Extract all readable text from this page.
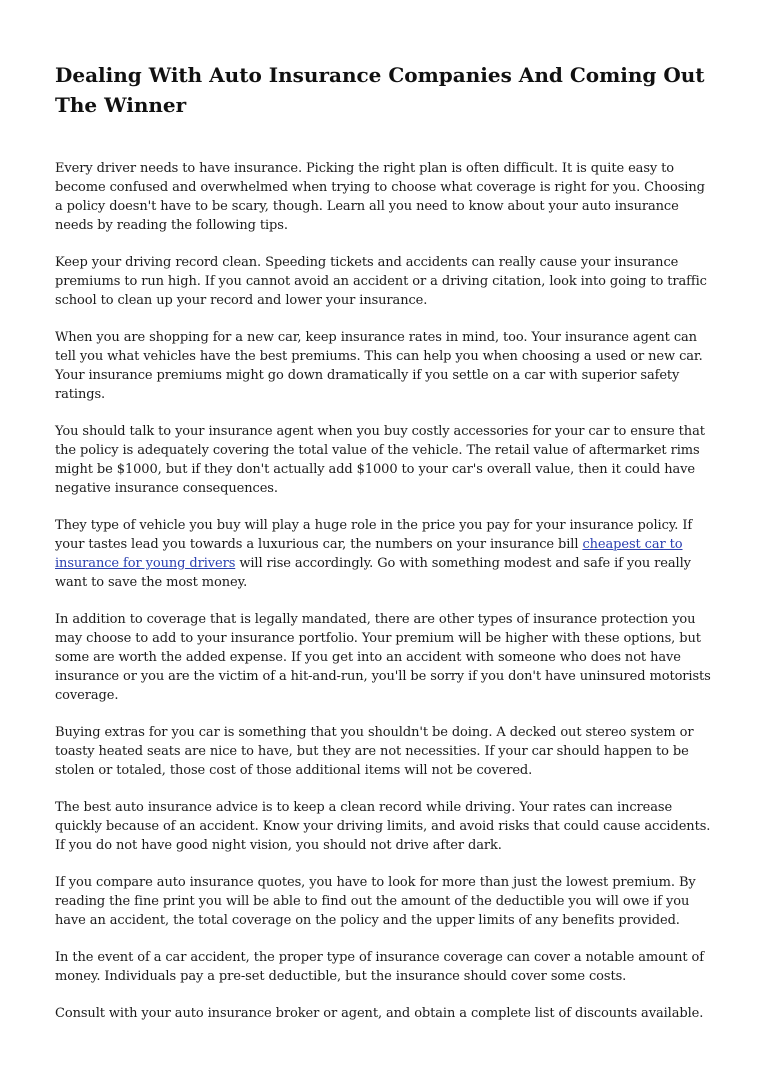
Dealing With Auto Insurance Companies And Coming Out The Winner

Every driver needs to have insurance. Picking the right plan is often difficult. It is quite easy to become confused and overwhelmed when trying to choose what coverage is right for you. Choosing a policy doesn't have to be scary, though. Learn all you need to know about your auto insurance needs by reading the following tips.

Keep your driving record clean. Speeding tickets and accidents can really cause your insurance premiums to run high. If you cannot avoid an accident or a driving citation, look into going to traffic school to clean up your record and lower your insurance.

When you are shopping for a new car, keep insurance rates in mind, too. Your insurance agent can tell you what vehicles have the best premiums. This can help you when choosing a used or new car. Your insurance premiums might go down dramatically if you settle on a car with superior safety ratings.

You should talk to your insurance agent when you buy costly accessories for your car to ensure that the policy is adequately covering the total value of the vehicle. The retail value of aftermarket rims might be $1000, but if they don't actually add $1000 to your car's overall value, then it could have negative insurance consequences.

They type of vehicle you buy will play a huge role in the price you pay for your insurance policy. If your tastes lead you towards a luxurious car, the numbers on your insurance bill cheapest car to insurance for young drivers will rise accordingly. Go with something modest and safe if you really want to save the most money.

In addition to coverage that is legally mandated, there are other types of insurance protection you may choose to add to your insurance portfolio. Your premium will be higher with these options, but some are worth the added expense. If you get into an accident with someone who does not have insurance or you are the victim of a hit-and-run, you'll be sorry if you don't have uninsured motorists coverage.

Buying extras for you car is something that you shouldn't be doing. A decked out stereo system or toasty heated seats are nice to have, but they are not necessities. If your car should happen to be stolen or totaled, those cost of those additional items will not be covered.

The best auto insurance advice is to keep a clean record while driving. Your rates can increase quickly because of an accident. Know your driving limits, and avoid risks that could cause accidents. If you do not have good night vision, you should not drive after dark.

If you compare auto insurance quotes, you have to look for more than just the lowest premium. By reading the fine print you will be able to find out the amount of the deductible you will owe if you have an accident, the total coverage on the policy and the upper limits of any benefits provided.

In the event of a car accident, the proper type of insurance coverage can cover a notable amount of money. Individuals pay a pre-set deductible, but the insurance should cover some costs.

Consult with your auto insurance broker or agent, and obtain a complete list of discounts available.
